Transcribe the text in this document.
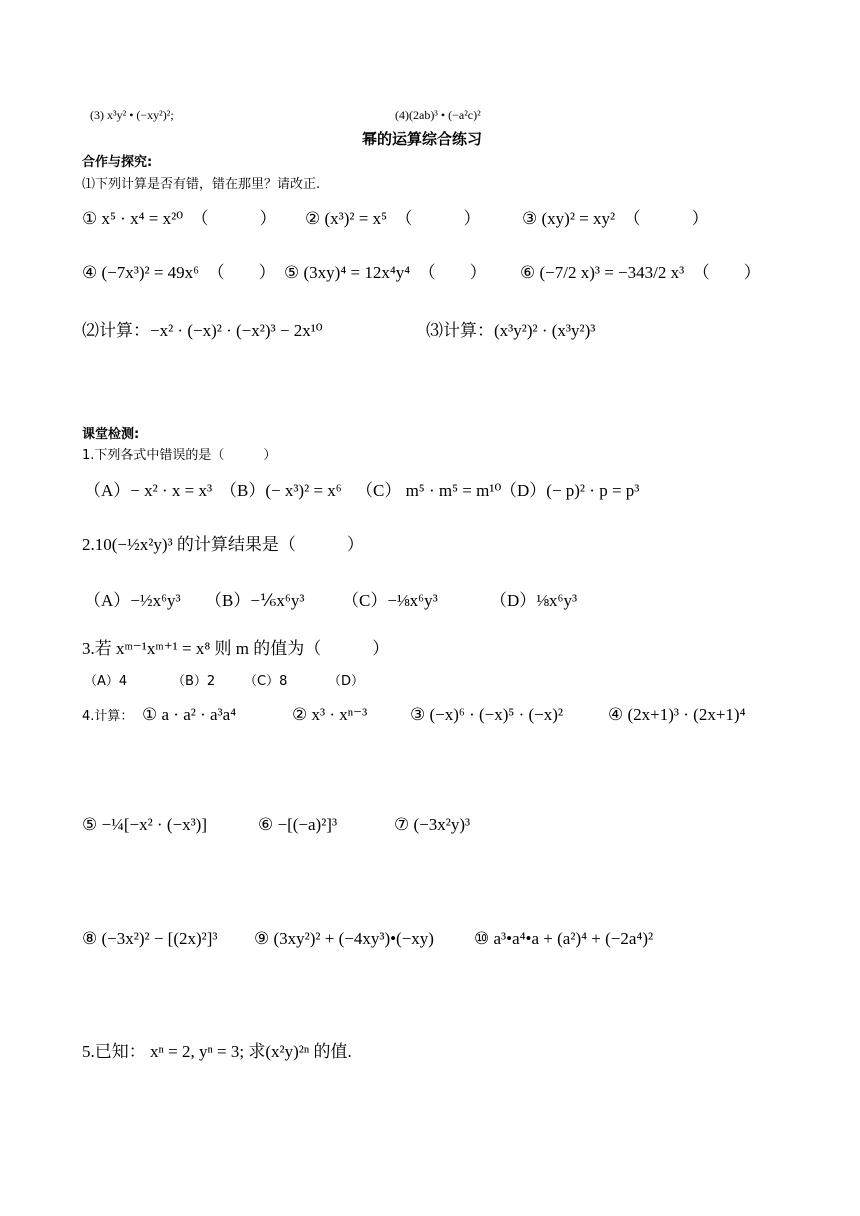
(3) x³y² • (−xy²)²;	(4)(2ab)³ • (−a²c)²
幂的运算综合练习
合作与探究:
⑴下列计算是否有错，错在那里？请改正.
① x⁵ · x⁴ = x²⁰　（　　　） ② (x³)² = x⁵　（　　　） ③ (xy)² = xy²　（　　　）
④ (−7x³)² = 49x⁶　（　　） ⑤ (3xy)⁴ = 12x⁴y⁴　（　　） ⑥ (−7/2 x)³ = −343/2 x³　（　　）
⑵计算：−x² · (−x)² · (−x²)³ − 2x¹⁰	⑶计算：(x³y²)² · (x³y²)³
课堂检测:
1.下列各式中错误的是（　　　）
（A）− x² · x = x³ （B）(− x³)² = x⁶ （C） m⁵ · m⁵ = m¹⁰
（D）(− p)² · p = p³
2.10(−½x²y)³ 的计算结果是（　　　）
（A）−½x⁶y³ （B）−⅙x⁶y³ （C）−⅛x⁶y³	（D）⅛x⁶y³
3.若 xᵐ⁻¹xᵐ⁺¹ = x⁸ 则 m 的值为（　　　）
（A）4	（B）2 （C）8	（D）
4.计算： ① a · a² · a³a⁴	② x³ · xⁿ⁻³	③ (−x)⁶ · (−x)⁵ · (−x)²	④ (2x+1)³ · (2x+1)⁴
⑤ −¼[−x² · (−x³)]	⑥ −[(−a)²]³	⑦ (−3x²y)³
⑧ (−3x²)² − [(2x)²]³ ⑨ (3xy²)² + (−4xy³)•(−xy) ⑩ a³•a⁴•a + (a²)⁴ + (−2a⁴)²
5.已知： xⁿ = 2, yⁿ = 3; 求(x²y)²ⁿ 的值.
